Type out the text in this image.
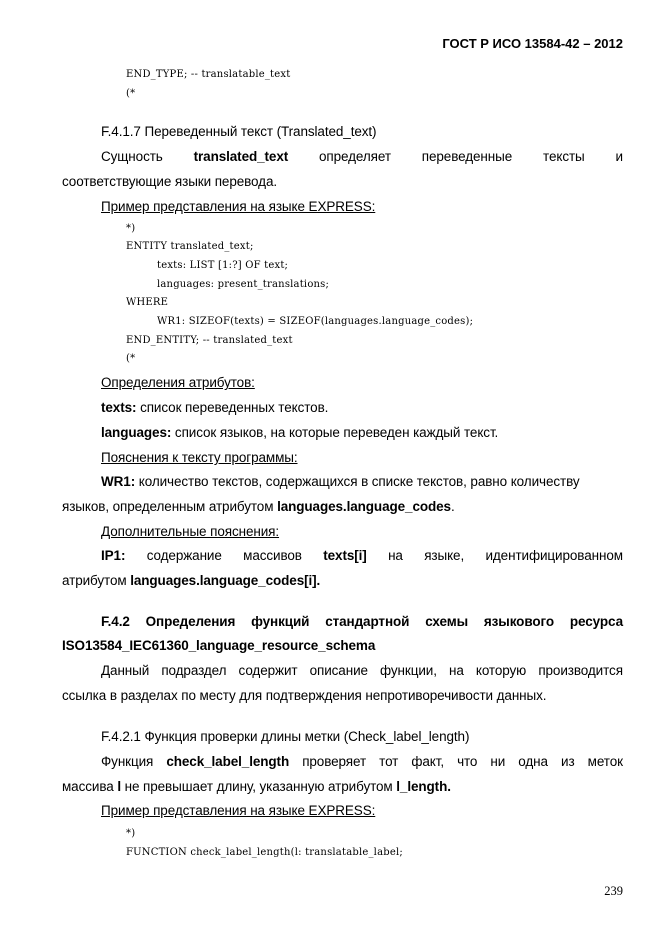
ГОСТ Р ИСО 13584-42 – 2012
END_TYPE; -- translatable_text
(*
F.4.1.7 Переведенный текст (Translated_text)
Сущность translated_text определяет переведенные тексты и
соответствующие языки перевода.
Пример представления на языке EXPRESS:
*)
ENTITY translated_text;
texts: LIST [1:?] OF text;
languages: present_translations;
WHERE
WR1: SIZEOF(texts) = SIZEOF(languages.language_codes);
END_ENTITY; -- translated_text
(*
Определения атрибутов:
texts: список переведенных текстов.
languages: список языков, на которые переведен каждый текст.
Пояснения к тексту программы:
WR1: количество текстов, содержащихся в списке текстов, равно количеству
языков, определенным атрибутом languages.language_codes.
Дополнительные пояснения:
IP1: содержание массивов texts[i] на языке, идентифицированном
атрибутом languages.language_codes[i].
F.4.2 Определения функций стандартной схемы языкового ресурса
ISO13584_IEC61360_language_resource_schema
Данный подраздел содержит описание функции, на которую производится
ссылка в разделах по месту для подтверждения непротиворечивости данных.
F.4.2.1 Функция проверки длины метки (Check_label_length)
Функция check_label_length проверяет тот факт, что ни одна из меток
массива l не превышает длину, указанную атрибутом l_length.
Пример представления на языке EXPRESS:
*)
FUNCTION check_label_length(l: translatable_label;
239
